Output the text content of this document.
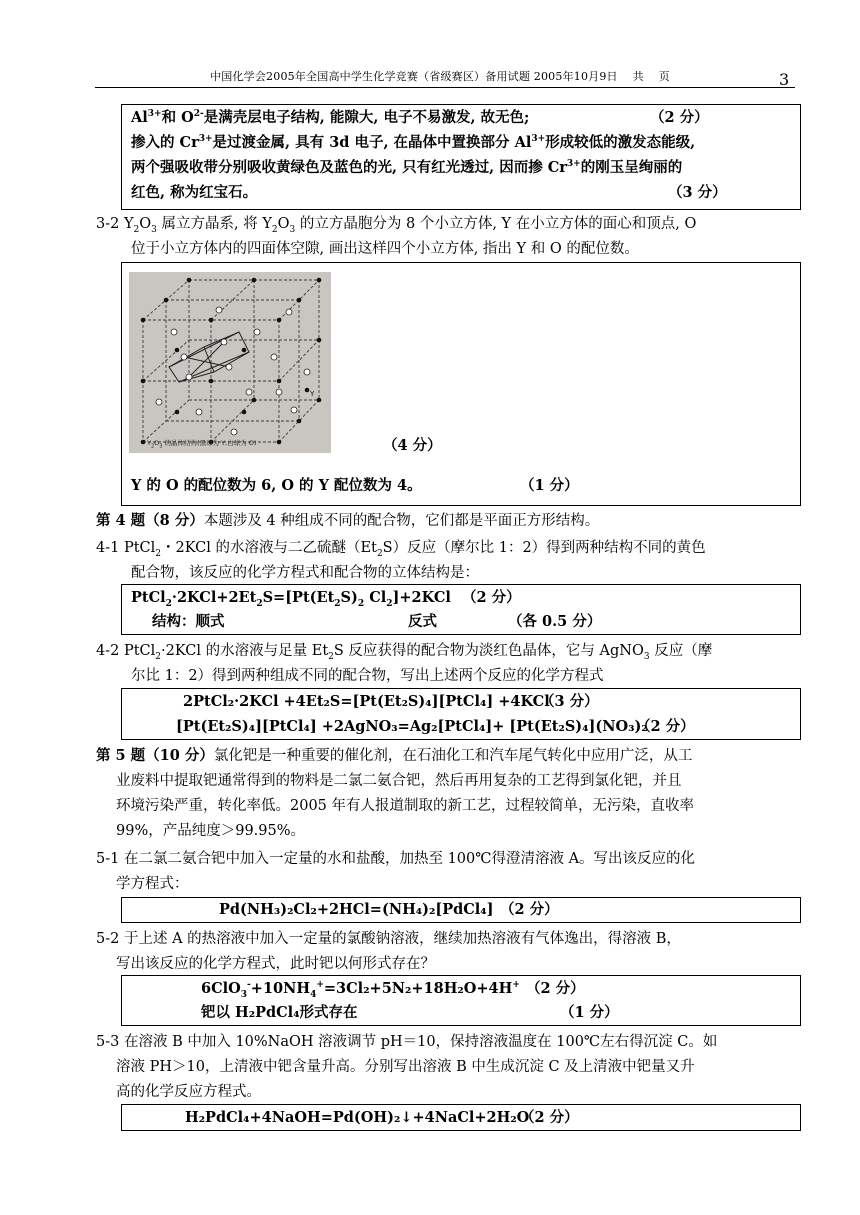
中国化学会2005年全国高中学生化学竞赛（省级赛区）备用试题 2005年10月9日　 共　 页	3
$Al^{3+}$和 $O^{2-}$是满壳层电子结构, 能隙大, 电子不易激发, 故无色;	（2 分）
掺入的 $Cr^{3+}$是过渡金属, 具有 3d 电子, 在晶体中置换部分 $Al^{3+}$形成较低的激发态能级,
两个强吸收带分别吸收黄绿色及蓝色的光, 只有红光透过, 因而掺 $Cr^{3+}$的刚玉呈绚丽的
红色, 称为红宝石。	（3 分）
3-2 $Y_2O_3$ 属立方晶系, 将 $Y_2O_3$ 的立方晶胞分为 8 个小立方体, Y 在小立方体的面心和顶点, O
位于小立方体内的四面体空隙, 画出这样四个小立方体, 指出 Y 和 O 的配位数。
Y
$Y_2O_3$ 的晶体结构(黑球为 Y,白球为 O)	（4 分）
Y 的 O 的配位数为 6, O 的 Y 配位数为 4。	（1 分）
第 4 题（8 分）本题涉及 4 种组成不同的配合物，它们都是平面正方形结构。
4-1 PtCl$_2$・2KCl 的水溶液与二乙硫醚$(Et_2S)$反应（摩尔比 1：2）得到两种结构不同的黄色
配合物，该反应的化学方程式和配合物的立体结构是：
$PtCl_2\cdot 2KCl+2Et_2S=[Pt(Et_2S)_2$ $Cl_2]+2KCl$ （2 分）
结构：顺式	反式	（各 0.5 分）
4-2 PtCl$_2$·2KCl 的水溶液与足量 $Et_2S$ 反应获得的配合物为淡红色晶体，它与 AgNO$_3$ 反应（摩
尔比 1：2）得到两种组成不同的配合物，写出上述两个反应的化学方程式
2PtCl₂·2KCl +4Et₂S=[Pt(Et₂S)₄][PtCl₄] +4KCl
（3 分）
[Pt(Et₂S)₄][PtCl₄] +2AgNO₃=Ag₂[PtCl₄]+ [Pt(Et₂S)₄](NO₃)₂
（2 分）
第 5 题（10 分）氯化钯是一种重要的催化剂，在石油化工和汽车尾气转化中应用广泛，从工
业废料中提取钯通常得到的物料是二氯二氨合钯，然后再用复杂的工艺得到氯化钯，并且
环境污染严重，转化率低。2005 年有人报道制取的新工艺，过程较简单，无污染，直收率
99%，产品纯度＞99.95%。
5-1 在二氯二氨合钯中加入一定量的水和盐酸，加热至 100℃得澄清溶液 A。写出该反应的化
学方程式：
Pd(NH₃)₂Cl₂+2HCl=(NH₄)₂[PdCl₄] （2 分）
5-2 于上述 A 的热溶液中加入一定量的氯酸钠溶液，继续加热溶液有气体逸出，得溶液 B，
写出该反应的化学方程式，此时钯以何形式存在？
$6ClO_3^-+10NH_4^+=3Cl_2+5N_2+18H_2O+4H^+$ （2 分）
钯以 H₂PdCl₄形式存在	（1 分）
5-3 在溶液 B 中加入 10%NaOH 溶液调节 pH＝10，保持溶液温度在 100℃左右得沉淀 C。如
溶液 PH＞10，上清液中钯含量升高。分别写出溶液 B 中生成沉淀 C 及上清液中钯量又升
高的化学反应方程式。
H₂PdCl₄+4NaOH=Pd(OH)₂↓+4NaCl+2H₂O
（2 分）
